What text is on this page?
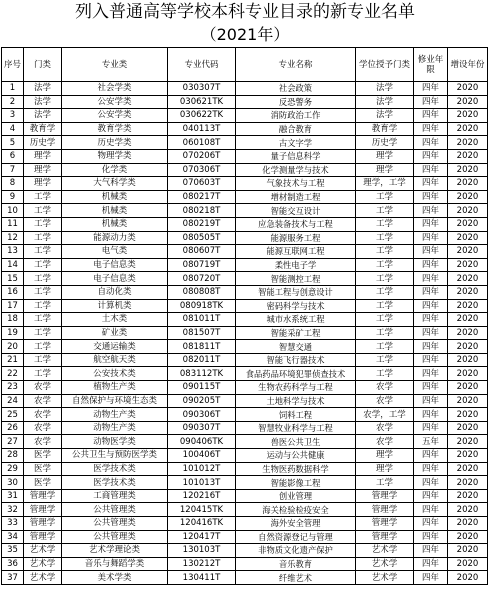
列入普通高等学校本科专业目录的新专业名单
（2021年）
序号	门类	专业类	专业代码	专业名称	学位授予门类	修业年限	增设年份
1	法学	社会学类	030307T	社会政策	法学	四年	2020
2	法学	公安学类	030621TK	反恐警务	法学	四年	2020
3	法学	公安学类	030622TK	消防政治工作	法学	四年	2020
4	教育学	教育学类	040113T	融合教育	教育学	四年	2020
5	历史学	历史学类	060108T	古文字学	历史学	四年	2020
6	理学	物理学类	070206T	量子信息科学	理学	四年	2020
7	理学	化学类	070306T	化学测量学与技术	理学	四年	2020
8	理学	大气科学类	070603T	气象技术与工程	理学，工学	四年	2020
9	工学	机械类	080217T	增材制造工程	工学	四年	2020
10	工学	机械类	080218T	智能交互设计	工学	四年	2020
11	工学	机械类	080219T	应急装备技术与工程	工学	四年	2020
12	工学	能源动力类	080505T	能源服务工程	工学	四年	2020
13	工学	电气类	080607T	能源互联网工程	工学	四年	2020
14	工学	电子信息类	080719T	柔性电子学	工学	四年	2020
15	工学	电子信息类	080720T	智能测控工程	工学	四年	2020
16	工学	自动化类	080808T	智能工程与创意设计	工学	四年	2020
17	工学	计算机类	080918TK	密码科学与技术	工学	四年	2020
18	工学	土木类	081011T	城市水系统工程	工学	四年	2020
19	工学	矿业类	081507T	智能采矿工程	工学	四年	2020
20	工学	交通运输类	081811T	智慧交通	工学	四年	2020
21	工学	航空航天类	082011T	智能飞行器技术	工学	四年	2020
22	工学	公安技术类	083112TK	食品药品环境犯罪侦查技术	工学	四年	2020
23	农学	植物生产类	090115T	生物农药科学与工程	农学	四年	2020
24	农学	自然保护与环境生态类	090205T	土地科学与技术	农学	四年	2020
25	农学	动物生产类	090306T	饲料工程	农学，工学	四年	2020
26	农学	动物生产类	090307T	智慧牧业科学与工程	农学	四年	2020
27	农学	动物医学类	090406TK	兽医公共卫生	农学	五年	2020
28	医学	公共卫生与预防医学类	100406T	运动与公共健康	理学	四年	2020
29	医学	医学技术类	101012T	生物医药数据科学	理学	四年	2020
30	医学	医学技术类	101013T	智能影像工程	工学	四年	2020
31	管理学	工商管理类	120216T	创业管理	管理学	四年	2020
32	管理学	公共管理类	120415TK	海关检验检疫安全	管理学	四年	2020
33	管理学	公共管理类	120416TK	海外安全管理	管理学	四年	2020
34	管理学	公共管理类	120417T	自然资源登记与管理	管理学	四年	2020
35	艺术学	艺术学理论类	130103T	非物质文化遗产保护	艺术学	四年	2020
36	艺术学	音乐与舞蹈学类	130212T	音乐教育	艺术学	四年	2020
37	艺术学	美术学类	130411T	纤维艺术	艺术学	四年	2020
